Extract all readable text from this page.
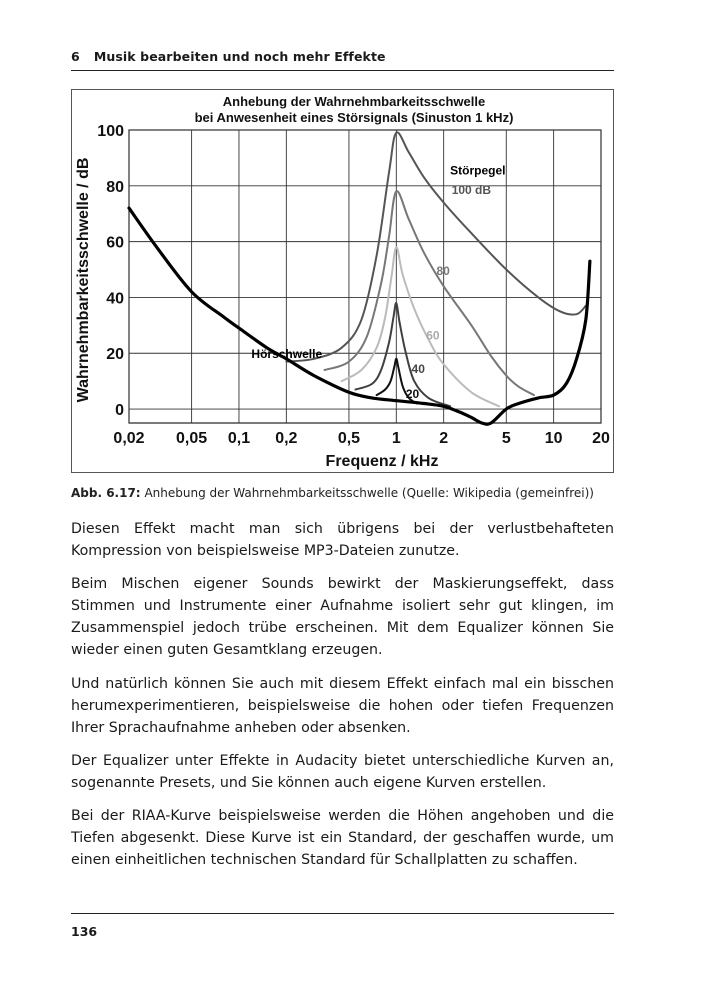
6 Musik bearbeiten und noch mehr Effekte
Anhebung der Wahrnehmbarkeitsschwelle
bei Anwesenheit eines Störsignals (Sinuston 1 kHz)
Wahrnehmbarkeitsschwelle / dB
Frequenz / kHz
0,02 0,05 0,1 0,2	0,5 1 2	5 10 20
0
20
40
60
80
100
Hörschwelle
Störpegel
100 dB
80
60
40
20
Abb. 6.17: Anhebung der Wahrnehmbarkeitsschwelle (Quelle: Wikipedia (gemeinfrei))
Diesen Effekt macht man sich übrigens bei der verlustbehafteten Kompression von beispielsweise MP3-Dateien zunutze.
Beim Mischen eigener Sounds bewirkt der Maskierungseffekt, dass Stimmen und Instrumente einer Aufnahme isoliert sehr gut klingen, im Zusammenspiel jedoch trübe erscheinen. Mit dem Equalizer können Sie wieder einen guten Gesamtklang erzeugen.
Und natürlich können Sie auch mit diesem Effekt einfach mal ein bisschen herumexperimentieren, beispielsweise die hohen oder tiefen Frequenzen Ihrer Sprachaufnahme anheben oder absenken.
Der Equalizer unter Effekte in Audacity bietet unterschiedliche Kurven an, sogenannte Presets, und Sie können auch eigene Kurven erstellen.
Bei der RIAA-Kurve beispielsweise werden die Höhen angehoben und die Tiefen abgesenkt. Diese Kurve ist ein Standard, der geschaffen wurde, um einen einheitlichen technischen Standard für Schallplatten zu schaffen.
136
